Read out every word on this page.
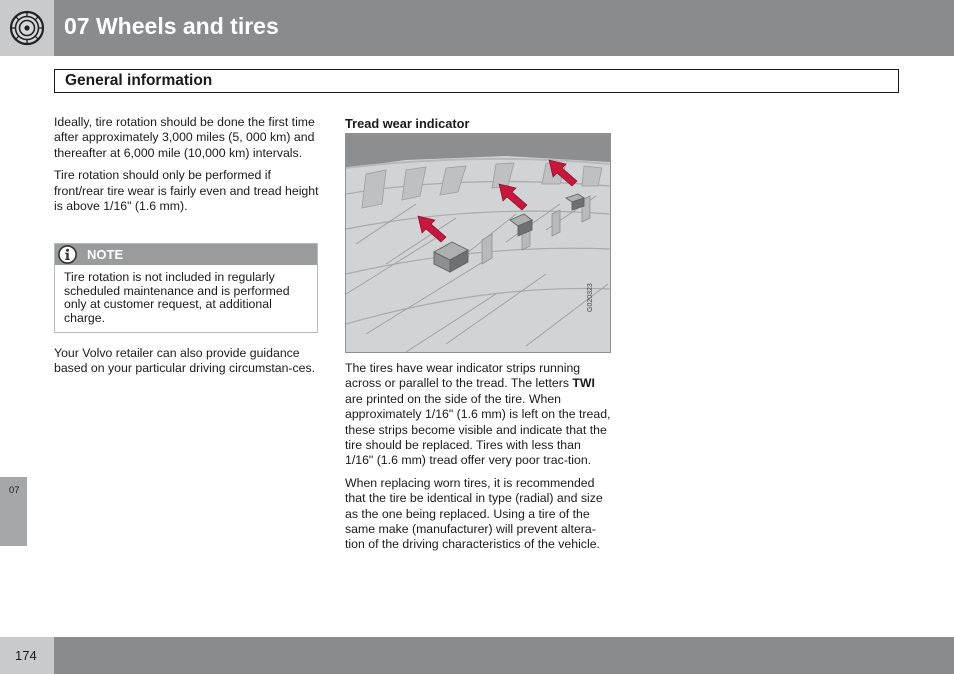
07 Wheels and tires
General information

Ideally, tire rotation should be done the first time after approximately 3,000 miles (5, 000 km) and thereafter at 6,000 mile (10,000 km) intervals.

Tire rotation should only be performed if front/rear tire wear is fairly even and tread height is above 1/16" (1.6 mm).

NOTE
Tire rotation is not included in regularly scheduled maintenance and is performed only at customer request, at additional charge.

Your Volvo retailer can also provide guidance based on your particular driving circumstan-ces.

Tread wear indicator
G020323

The tires have wear indicator strips running across or parallel to the tread. The letters TWI are printed on the side of the tire. When approximately 1/16" (1.6 mm) is left on the tread, these strips become visible and indicate that the tire should be replaced. Tires with less than 1/16" (1.6 mm) tread offer very poor trac-tion.

When replacing worn tires, it is recommended that the tire be identical in type (radial) and size as the one being replaced. Using a tire of the same make (manufacturer) will prevent altera-tion of the driving characteristics of the vehicle.

07
174
